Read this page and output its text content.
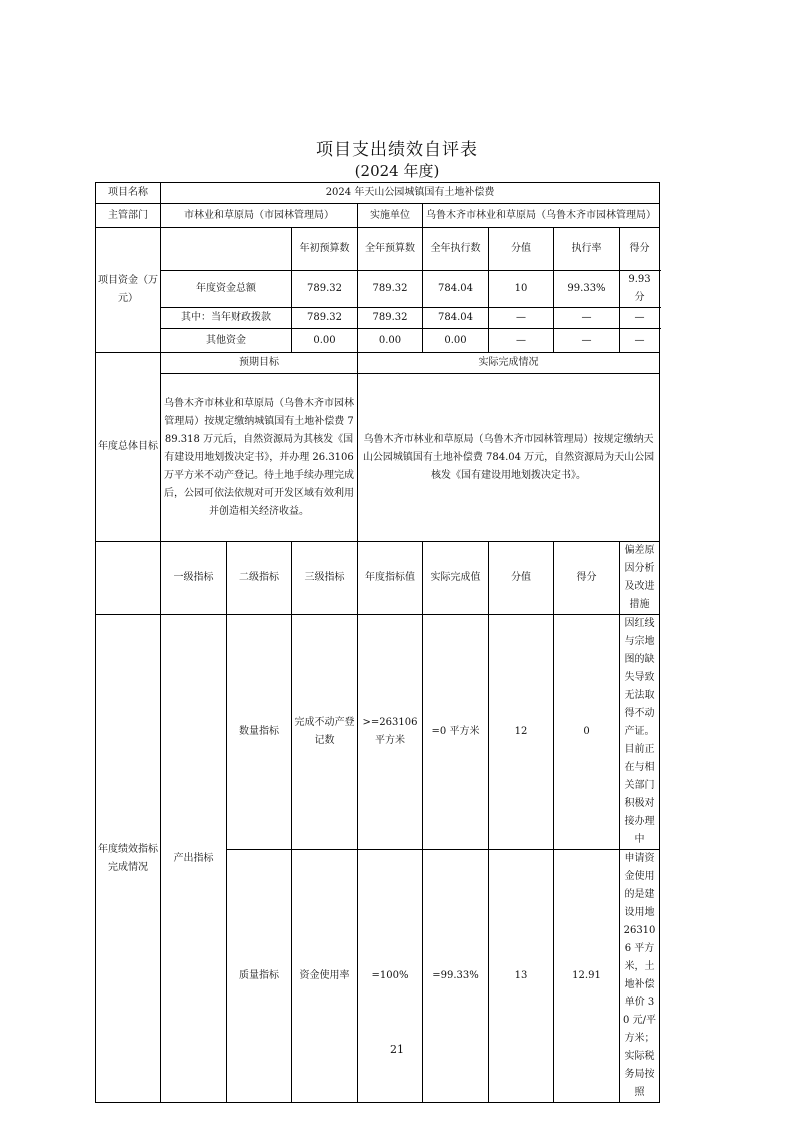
项目支出绩效自评表
(2024 年度)
项目名称	2024 年天山公园城镇国有土地补偿费							
主管部门	市林业和草原局（市园林管理局）			实施单位	乌鲁木齐市林业和草原局（乌鲁木齐市园林管理局）			
项目资金（万元）			年初预算数	全年预算数	全年执行数	分值	执行率	得分
	年度资金总额		789.32	789.32	784.04	10	99.33%	9.93 分
	其中：当年财政拨款		789.32	789.32	784.04	—	—	—
	其他资金		0.00	0.00	0.00	—	—	—
年度总体目标	预期目标			实际完成情况				
	乌鲁木齐市林业和草原局（乌鲁木齐市园林管理局）按规定缴纳城镇国有土地补偿费 789.318 万元后，自然资源局为其核发《国有建设用地划拨决定书》，并办理 26.3106 万平方米不动产登记。待土地手续办理完成后，公园可依法依规对可开发区域有效利用并创造相关经济收益。			乌鲁木齐市林业和草原局（乌鲁木齐市园林管理局）按规定缴纳天山公园城镇国有土地补偿费 784.04 万元，自然资源局为天山公园核发《国有建设用地划拨决定书》。				
	一级指标	二级指标	三级指标	年度指标值	实际完成值	分值	得分	偏差原因分析及改进措施
年度绩效指标完成情况	产出指标	数量指标	完成不动产登记数	>=263106 平方米	=0 平方米	12	0	因红线与宗地图的缺失导致无法取得不动产证。目前正在与相关部门积极对接办理中
		质量指标	资金使用率	=100%	=99.33%	13	12.91	申请资金使用的是建设用地 263106 平方米，土地补偿单价 30 元/平方米；实际税务局按照
21
